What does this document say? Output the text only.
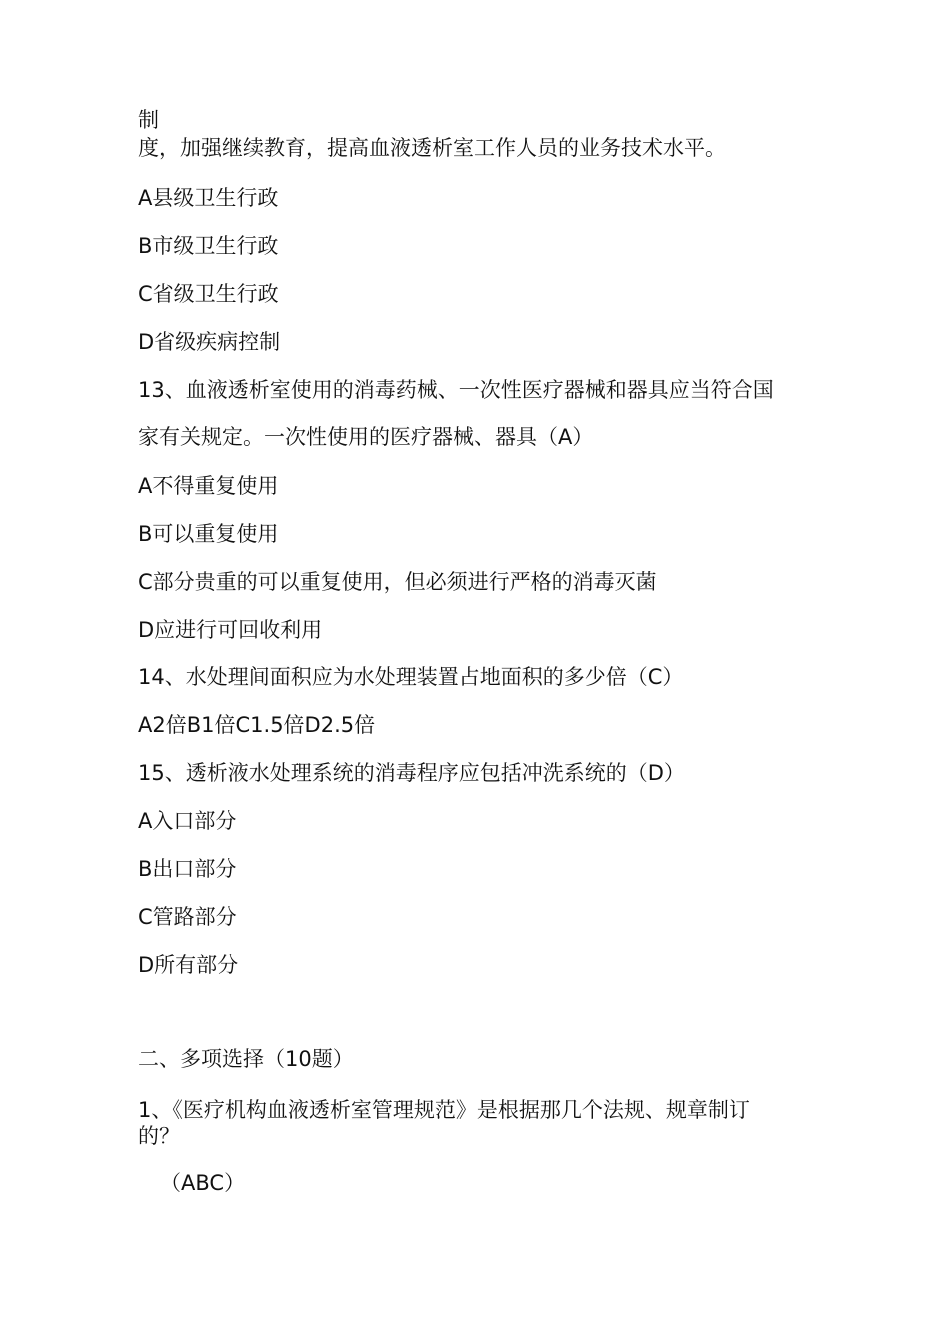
制

度，加强继续教育，提高血液透析室工作人员的业务技术水平。

A县级卫生行政

B市级卫生行政

C省级卫生行政

D省级疾病控制

13、血液透析室使用的消毒药械、一次性医疗器械和器具应当符合国

家有关规定。一次性使用的医疗器械、器具（A）

A不得重复使用

B可以重复使用

C部分贵重的可以重复使用，但必须进行严格的消毒灭菌

D应进行可回收利用

14、水处理间面积应为水处理装置占地面积的多少倍（C）

A2倍B1倍C1.5倍D2.5倍

15、透析液水处理系统的消毒程序应包括冲洗系统的（D）

A入口部分

B出口部分

C管路部分

D所有部分

二、多项选择（10题）

1、《医疗机构血液透析室管理规范》是根据那几个法规、规章制订

的？

（ABC）
